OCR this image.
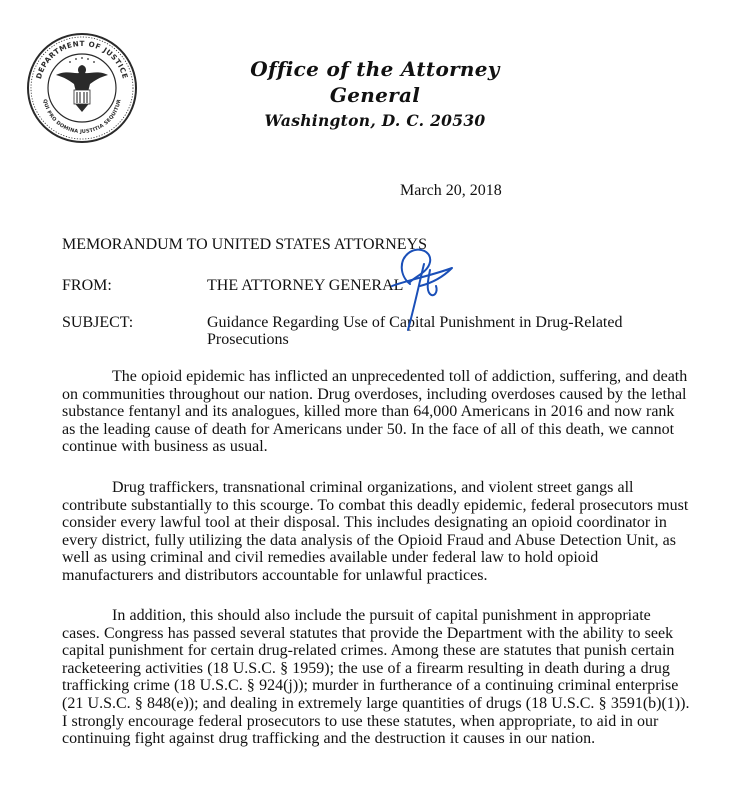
DEPARTMENT OF JUSTICE
QUI PRO DOMINA JUSTITIA SEQUITUR
Office of the Attorney General
Washington, D. C. 20530
March 20, 2018
MEMORANDUM TO UNITED STATES ATTORNEYS
FROM:	THE ATTORNEY GENERAL
SUBJECT:	Guidance Regarding Use of Capital Punishment in Drug-Related
Prosecutions
The opioid epidemic has inflicted an unprecedented toll of addiction, suffering, and death on communities throughout our nation. Drug overdoses, including overdoses caused by the lethal substance fentanyl and its analogues, killed more than 64,000 Americans in 2016 and now rank as the leading cause of death for Americans under 50. In the face of all of this death, we cannot continue with business as usual.
Drug traffickers, transnational criminal organizations, and violent street gangs all contribute substantially to this scourge. To combat this deadly epidemic, federal prosecutors must consider every lawful tool at their disposal. This includes designating an opioid coordinator in every district, fully utilizing the data analysis of the Opioid Fraud and Abuse Detection Unit, as well as using criminal and civil remedies available under federal law to hold opioid manufacturers and distributors accountable for unlawful practices.
In addition, this should also include the pursuit of capital punishment in appropriate cases. Congress has passed several statutes that provide the Department with the ability to seek capital punishment for certain drug-related crimes. Among these are statutes that punish certain racketeering activities (18 U.S.C. § 1959); the use of a firearm resulting in death during a drug trafficking crime (18 U.S.C. § 924(j)); murder in furtherance of a continuing criminal enterprise (21 U.S.C. § 848(e)); and dealing in extremely large quantities of drugs (18 U.S.C. § 3591(b)(1)). I strongly encourage federal prosecutors to use these statutes, when appropriate, to aid in our continuing fight against drug trafficking and the destruction it causes in our nation.
